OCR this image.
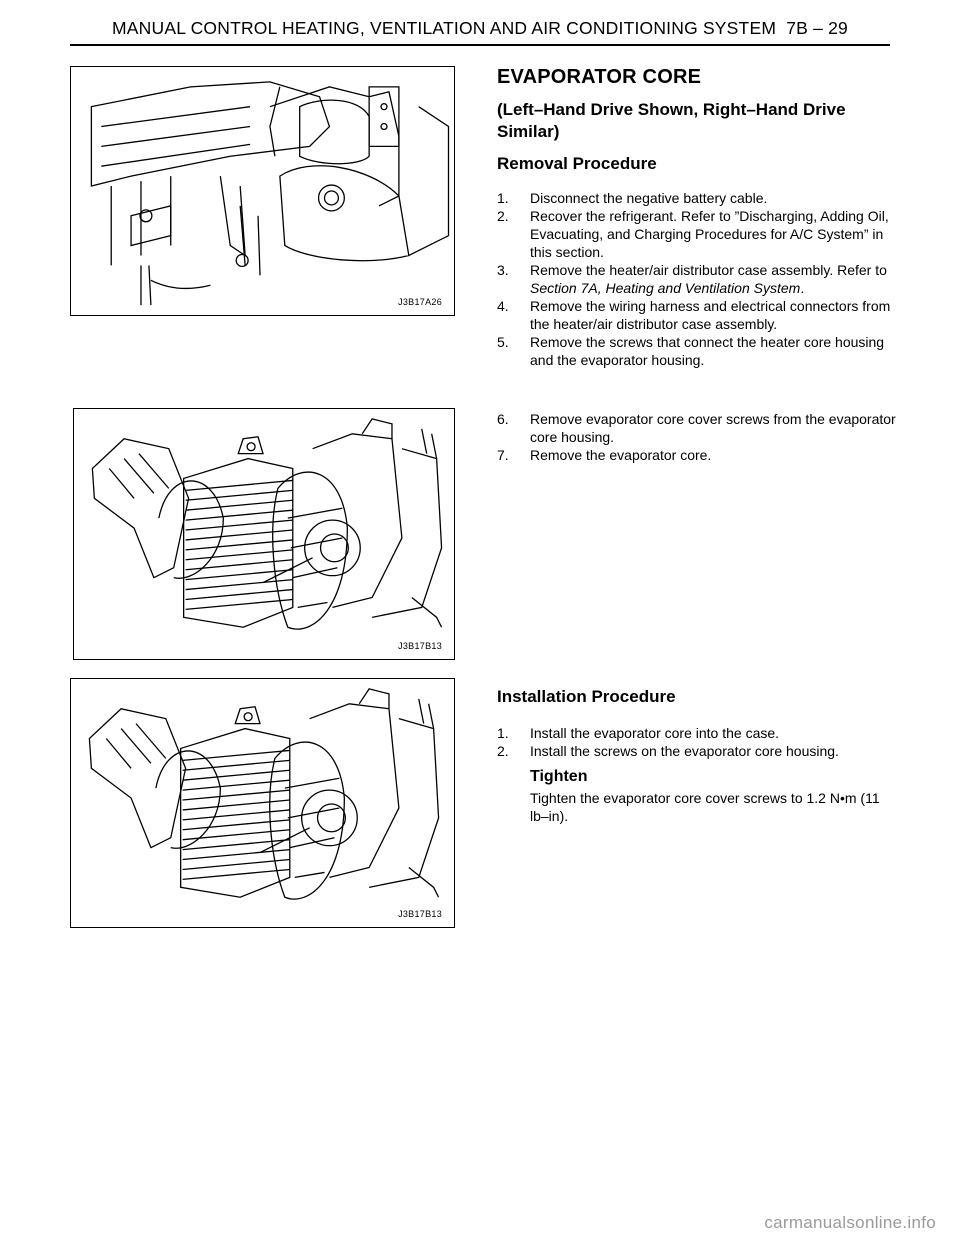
MANUAL CONTROL HEATING, VENTILATION AND AIR CONDITIONING SYSTEM 7B – 29
J3B17A26
J3B17B13
J3B17B13
EVAPORATOR CORE
(Left–Hand Drive Shown, Right–Hand Drive Similar)
Removal Procedure
1. Disconnect the negative battery cable.
2. Recover the refrigerant. Refer to ”Discharging, Adding Oil, Evacuating, and Charging Procedures for A/C System” in this section.
3. Remove the heater/air distributor case assembly. Refer to Section 7A, Heating and Ventilation System.
4. Remove the wiring harness and electrical connectors from the heater/air distributor case assembly.
5. Remove the screws that connect the heater core housing and the evaporator housing.
6. Remove evaporator core cover screws from the evaporator core housing.
7. Remove the evaporator core.
Installation Procedure
1. Install the evaporator core into the case.
2. Install the screws on the evaporator core housing.

Tighten

Tighten the evaporator core cover screws to 1.2 N•m (11 lb–in).

carmanualsonline.info
